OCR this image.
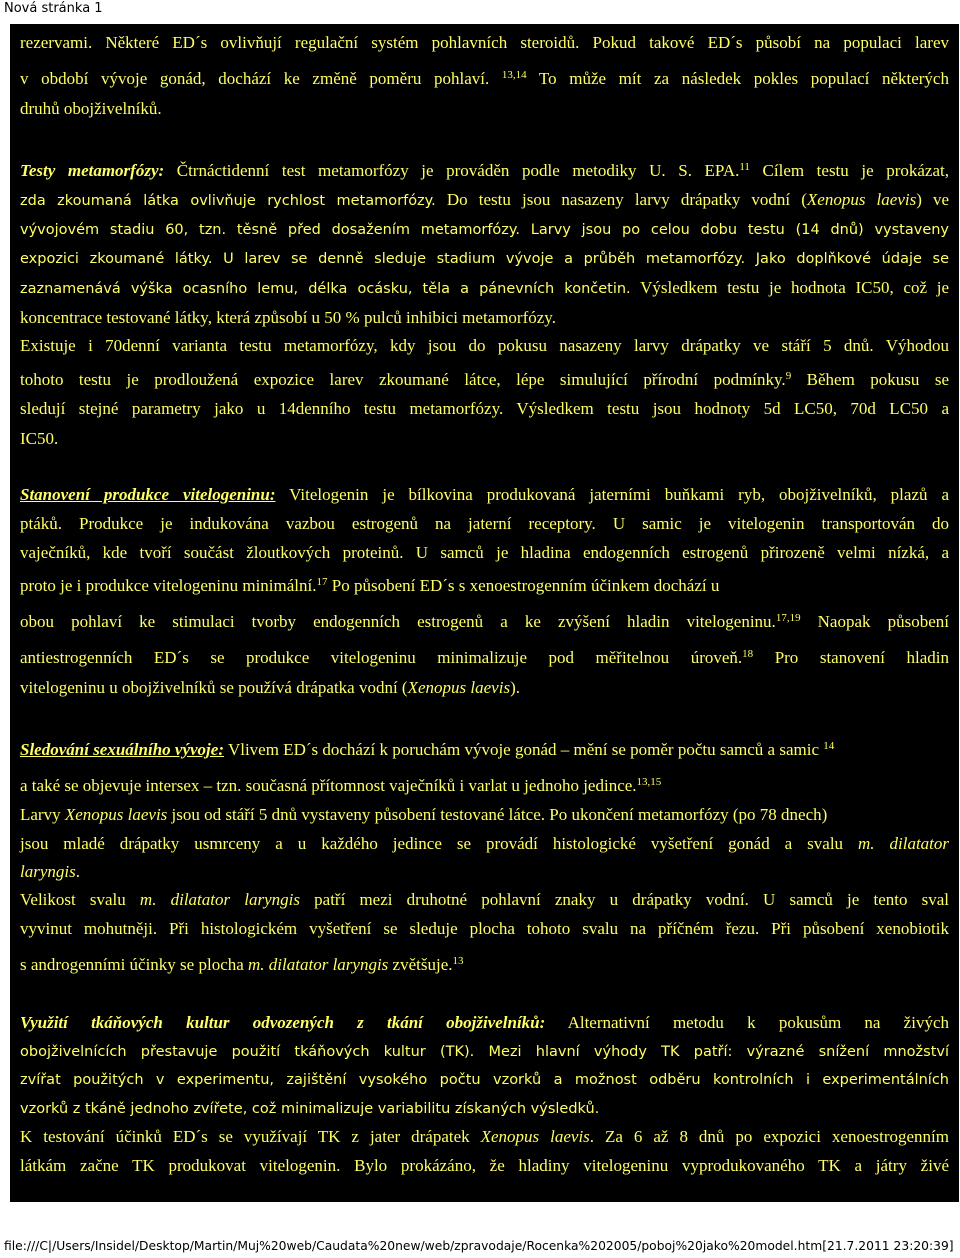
Nová stránka 1
rezervami. Některé ED´s ovlivňují regulační systém pohlavních steroidů. Pokud takové ED´s působí na populaci larev
v období vývoje gonád, dochází ke změně poměru pohlaví. $^{13,14}$ To může mít za následek pokles populací některých
druhů obojživelníků.
Testy metamorfózy: Čtrnáctidenní test metamorfózy je prováděn podle metodiky U. S. EPA.$^{11}$ Cílem testu je prokázat,
zda zkoumaná látka ovlivňuje rychlost metamorfózy. Do testu jsou nasazeny larvy drápatky vodní (Xenopus laevis) ve
vývojovém stadiu 60, tzn. těsně před dosažením metamorfózy. Larvy jsou po celou dobu testu (14 dnů) vystaveny
expozici zkoumané látky. U larev se denně sleduje stadium vývoje a průběh metamorfózy. Jako doplňkové údaje se
zaznamenává výška ocasního lemu, délka ocásku, těla a pánevních končetin. Výsledkem testu je hodnota IC50, což je
koncentrace testované látky, která způsobí u 50 % pulců inhibici metamorfózy.
Existuje i 70denní varianta testu metamorfózy, kdy jsou do pokusu nasazeny larvy drápatky ve stáří 5 dnů. Výhodou
tohoto testu je prodloužená expozice larev zkoumané látce, lépe simulující přírodní podmínky.$^9$ Během pokusu se
sledují stejné parametry jako u 14denního testu metamorfózy. Výsledkem testu jsou hodnoty 5d LC50, 70d LC50 a
IC50.
Stanovení produkce vitelogeninu: Vitelogenin je bílkovina produkovaná jaterními buňkami ryb, obojživelníků, plazů a
ptáků. Produkce je indukována vazbou estrogenů na jaterní receptory. U samic je vitelogenin transportován do
vaječníků, kde tvoří součást žloutkových proteinů. U samců je hladina endogenních estrogenů přirozeně velmi nízká, a
proto je i produkce vitelogeninu minimální.$^{17}$ Po působení ED´s s xenoestrogenním účinkem dochází u
obou pohlaví ke stimulaci tvorby endogenních estrogenů a ke zvýšení hladin vitelogeninu.$^{17,19}$ Naopak působení
antiestrogenních ED´s se produkce vitelogeninu minimalizuje pod měřitelnou úroveň.$^{18}$ Pro stanovení hladin
vitelogeninu u obojživelníků se používá drápatka vodní (Xenopus laevis).
Sledování sexuálního vývoje: Vlivem ED´s dochází k poruchám vývoje gonád – mění se poměr počtu samců a samic $^{14}$
a také se objevuje intersex – tzn. současná přítomnost vaječníků i varlat u jednoho jedince.$^{13,15}$
Larvy Xenopus laevis jsou od stáří 5 dnů vystaveny působení testované látce. Po ukončení metamorfózy (po 78 dnech)
jsou mladé drápatky usmrceny a u každého jedince se provádí histologické vyšetření gonád a svalu m. dilatator
laryngis.
Velikost svalu m. dilatator laryngis patří mezi druhotné pohlavní znaky u drápatky vodní. U samců je tento sval
vyvinut mohutněji. Při histologickém vyšetření se sleduje plocha tohoto svalu na příčném řezu. Při působení xenobiotik
s androgenními účinky se plocha m. dilatator laryngis zvětšuje.$^{13}$
Využití tkáňových kultur odvozených z tkání obojživelníků: Alternativní metodu k pokusům na živých
obojživelnících přestavuje použití tkáňových kultur (TK). Mezi hlavní výhody TK patří: výrazné snížení množství
zvířat použitých v experimentu, zajištění vysokého počtu vzorků a možnost odběru kontrolních i experimentálních
vzorků z tkáně jednoho zvířete, což minimalizuje variabilitu získaných výsledků.
K testování účinků ED´s se využívají TK z jater drápatek Xenopus laevis. Za 6 až 8 dnů po expozici xenoestrogenním
látkám začne TK produkovat vitelogenin. Bylo prokázáno, že hladiny vitelogeninu vyprodukovaného TK a játry živé
file:///C|/Users/Insidel/Desktop/Martin/Muj%20web/Caudata%20new/web/zpravodaje/Rocenka%202005/poboj%20jako%20model.htm[21.7.2011 23:20:39]
